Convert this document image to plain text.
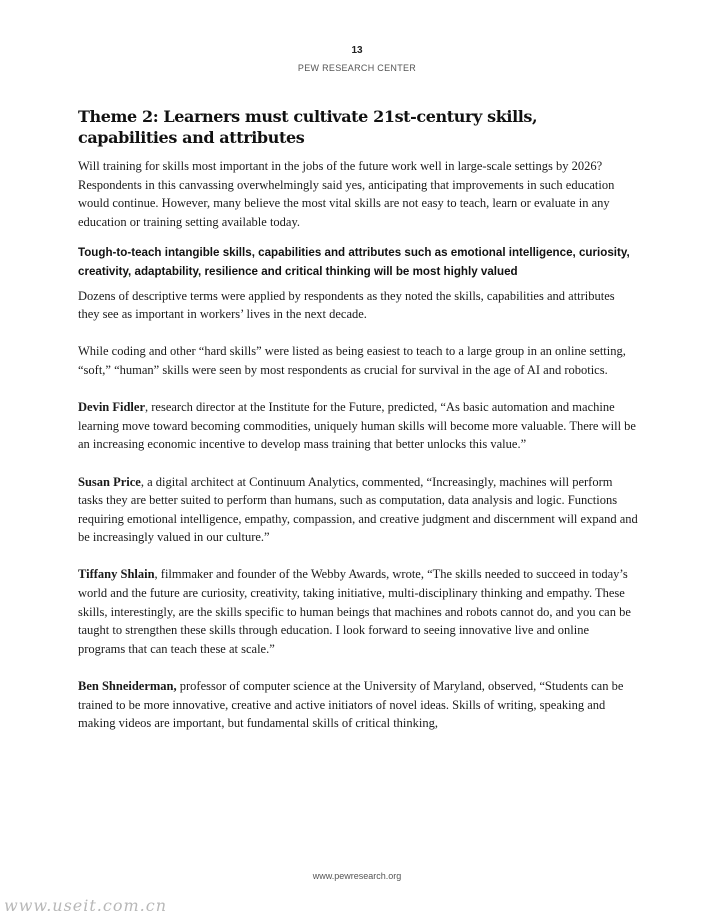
13
PEW RESEARCH CENTER
Theme 2: Learners must cultivate 21st-century skills, capabilities and attributes

Will training for skills most important in the jobs of the future work well in large-scale settings by 2026? Respondents in this canvassing overwhelmingly said yes, anticipating that improvements in such education would continue. However, many believe the most vital skills are not easy to teach, learn or evaluate in any education or training setting available today.

Tough-to-teach intangible skills, capabilities and attributes such as emotional intelligence, curiosity, creativity, adaptability, resilience and critical thinking will be most highly valued

Dozens of descriptive terms were applied by respondents as they noted the skills, capabilities and attributes they see as important in workers’ lives in the next decade.

While coding and other “hard skills” were listed as being easiest to teach to a large group in an online setting, “soft,” “human” skills were seen by most respondents as crucial for survival in the age of AI and robotics.

Devin Fidler, research director at the Institute for the Future, predicted, “As basic automation and machine learning move toward becoming commodities, uniquely human skills will become more valuable. There will be an increasing economic incentive to develop mass training that better unlocks this value.”

Susan Price, a digital architect at Continuum Analytics, commented, “Increasingly, machines will perform tasks they are better suited to perform than humans, such as computation, data analysis and logic. Functions requiring emotional intelligence, empathy, compassion, and creative judgment and discernment will expand and be increasingly valued in our culture.”

Tiffany Shlain, filmmaker and founder of the Webby Awards, wrote, “The skills needed to succeed in today’s world and the future are curiosity, creativity, taking initiative, multi-disciplinary thinking and empathy. These skills, interestingly, are the skills specific to human beings that machines and robots cannot do, and you can be taught to strengthen these skills through education. I look forward to seeing innovative live and online programs that can teach these at scale.”

Ben Shneiderman, professor of computer science at the University of Maryland, observed, “Students can be trained to be more innovative, creative and active initiators of novel ideas. Skills of writing, speaking and making videos are important, but fundamental skills of critical thinking,

www.pewresearch.org
www.useit.com.cn
